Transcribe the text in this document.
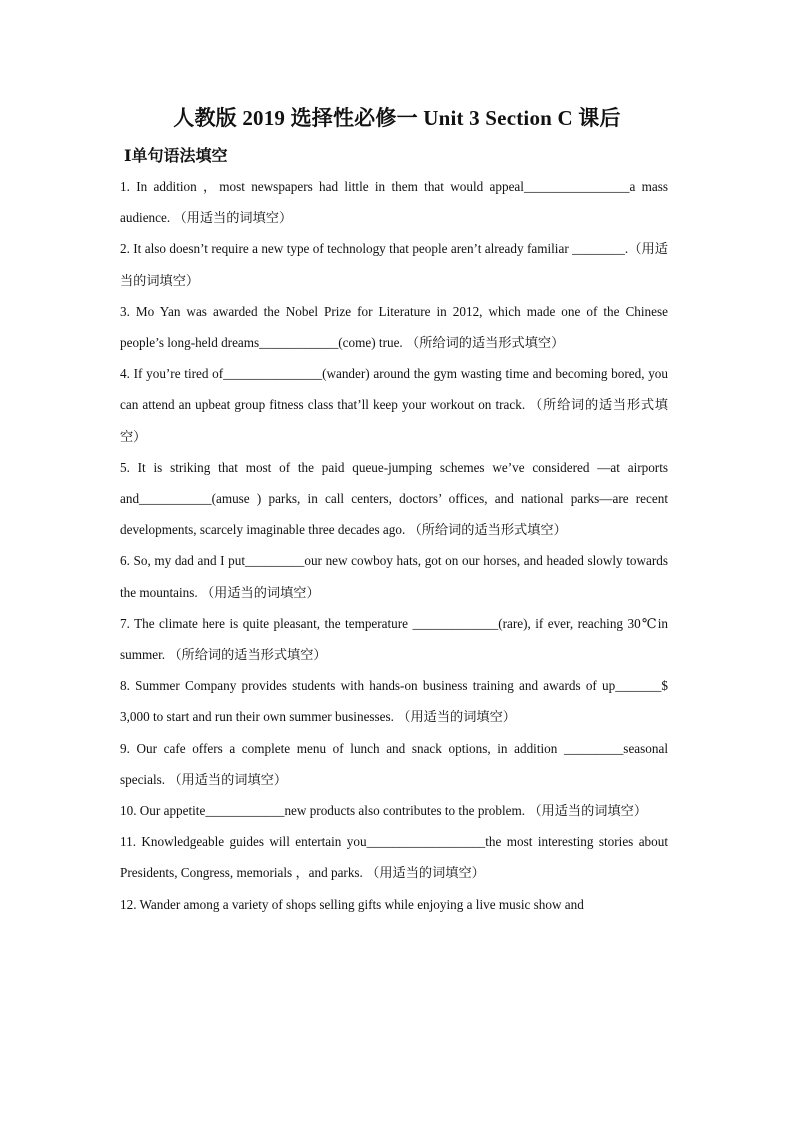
人教版 2019 选择性必修一 Unit 3 Section C 课后
Ⅰ单句语法填空

1. In addition ，most newspapers had little in them that would appeal________________a mass audience. （用适当的词填空）

2. It also doesn’t require a new type of technology that people aren’t already familiar ________.（用适当的词填空）

3. Mo Yan was awarded the Nobel Prize for Literature in 2012, which made one of the Chinese people’s long-held dreams____________(come) true. （所给词的适当形式填空）

4. If you’re tired of_______________(wander) around the gym wasting time and becoming bored, you can attend an upbeat group fitness class that’ll keep your workout on track. （所给词的适当形式填空）

5. It is striking that most of the paid queue-jumping schemes we’ve considered —at airports and___________(amuse ) parks, in call centers, doctors’ offices, and national parks—are recent developments, scarcely imaginable three decades ago. （所给词的适当形式填空）

6. So, my dad and I put_________our new cowboy hats, got on our horses, and headed slowly towards the mountains. （用适当的词填空）

7. The climate here is quite pleasant, the temperature _____________(rare), if ever, reaching 30℃in summer. （所给词的适当形式填空）

8. Summer Company provides students with hands-on business training and awards of up_______$ 3,000 to start and run their own summer businesses. （用适当的词填空）

9. Our cafe offers a complete menu of lunch and snack options, in addition _________seasonal specials. （用适当的词填空）

10. Our appetite____________new products also contributes to the problem. （用适当的词填空）

11. Knowledgeable guides will entertain you__________________the most interesting stories about Presidents, Congress, memorials ，and parks. （用适当的词填空）

12. Wander among a variety of shops selling gifts while enjoying a live music show and
